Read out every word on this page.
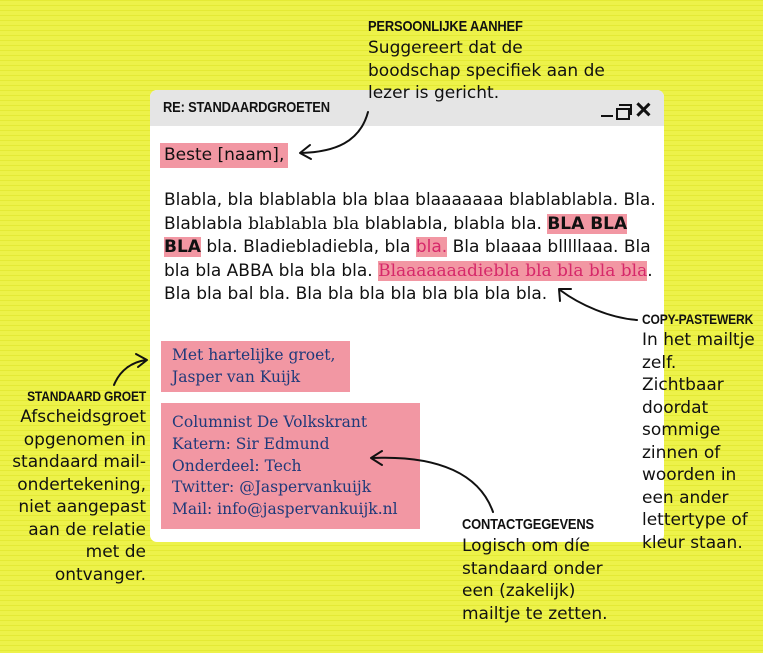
RE: STANDAARDGROETEN
Beste [naam],
Blabla, bla blablabla bla blaa blaaaaaaa blablablabla. Bla. Blablabla blablabla bla blablabla, blabla bla. BLA BLA BLA bla. Bladiebladiebla, bla bla. Bla blaaaa blllllaaa. Bla bla bla ABBA bla bla bla. Blaaaaaaadiebla bla bla bla bla.
Bla bla bal bla. Bla bla bla bla bla bla bla bla.
Met hartelijke groet,
Jasper van Kuijk
Columnist De Volkskrant
Katern: Sir Edmund
Onderdeel: Tech
Twitter: @Jaspervankuijk
Mail: info@jaspervankuijk.nl
PERSOONLIJKE AANHEF
Suggereert dat de boodschap specifiek aan de lezer is gericht.
COPY-PASTEWERK
In het mailtje zelf. Zichtbaar doordat sommige zinnen of woorden in een ander lettertype of kleur staan.
STANDAARD GROET
Afscheidsgroet opgenomen in standaard mail-ondertekening, niet aangepast aan de relatie met de ontvanger.
CONTACTGEGEVENS
Logisch om díe standaard onder een (zakelijk) mailtje te zetten.
